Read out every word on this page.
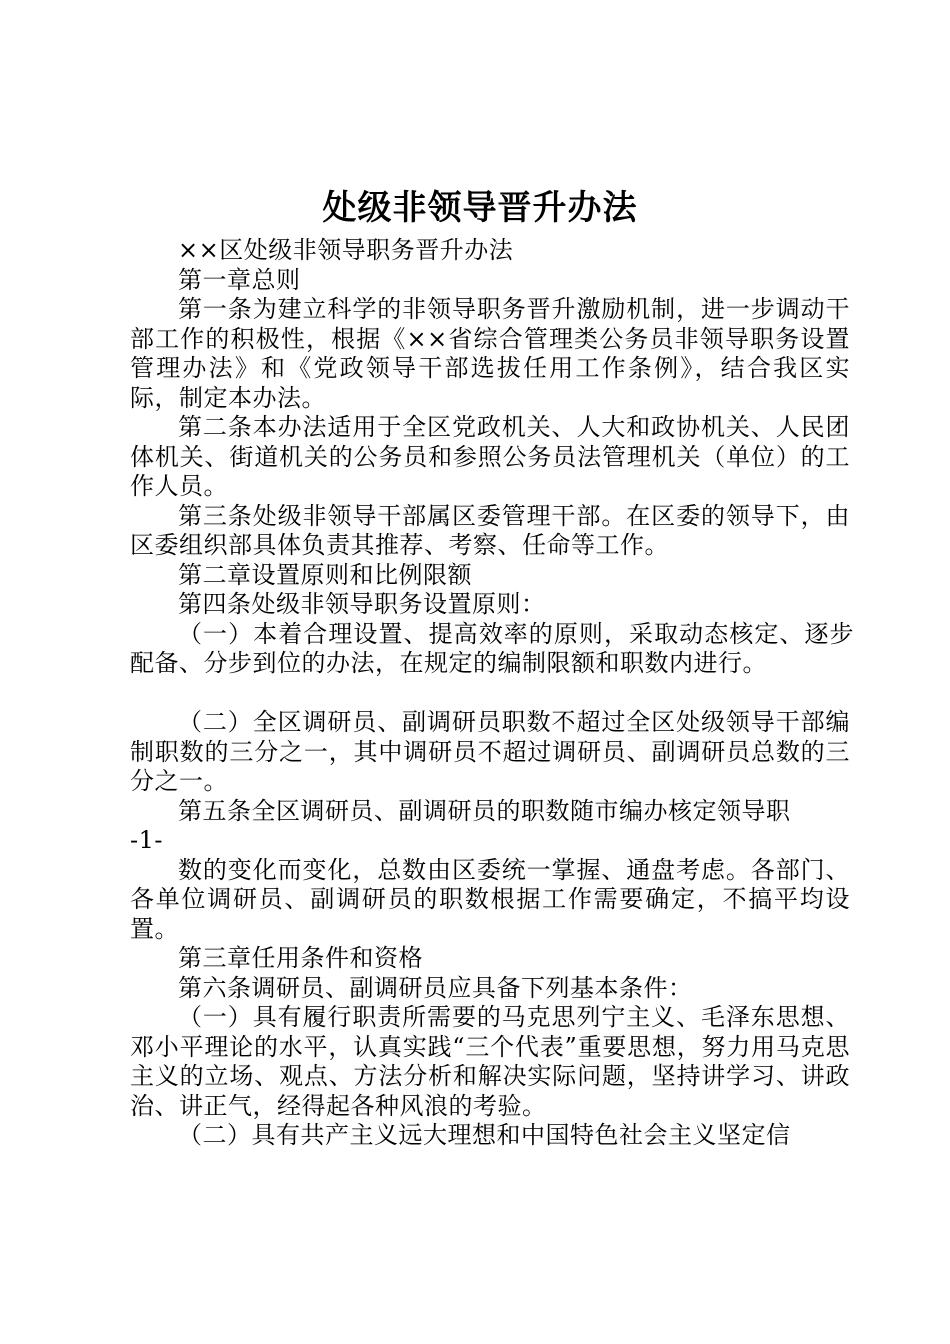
处级非领导晋升办法

××区处级非领导职务晋升办法

第一章总则

第一条为建立科学的非领导职务晋升激励机制，进一步调动干部工作的积极性，根据《××省综合管理类公务员非领导职务设置管理办法》和《党政领导干部选拔任用工作条例》，结合我区实际，制定本办法。

第二条本办法适用于全区党政机关、人大和政协机关、人民团体机关、街道机关的公务员和参照公务员法管理机关（单位）的工作人员。

第三条处级非领导干部属区委管理干部。在区委的领导下，由区委组织部具体负责其推荐、考察、任命等工作。

第二章设置原则和比例限额

第四条处级非领导职务设置原则：

（一）本着合理设置、提高效率的原则，采取动态核定、逐步配备、分步到位的办法，在规定的编制限额和职数内进行。

（二）全区调研员、副调研员职数不超过全区处级领导干部编制职数的三分之一，其中调研员不超过调研员、副调研员总数的三分之一。

第五条全区调研员、副调研员的职数随市编办核定领导职

-1-

数的变化而变化，总数由区委统一掌握、通盘考虑。各部门、各单位调研员、副调研员的职数根据工作需要确定，不搞平均设置。

第三章任用条件和资格

第六条调研员、副调研员应具备下列基本条件：

（一）具有履行职责所需要的马克思列宁主义、毛泽东思想、邓小平理论的水平，认真实践“三个代表”重要思想，努力用马克思主义的立场、观点、方法分析和解决实际问题，坚持讲学习、讲政治、讲正气，经得起各种风浪的考验。

（二）具有共产主义远大理想和中国特色社会主义坚定信
